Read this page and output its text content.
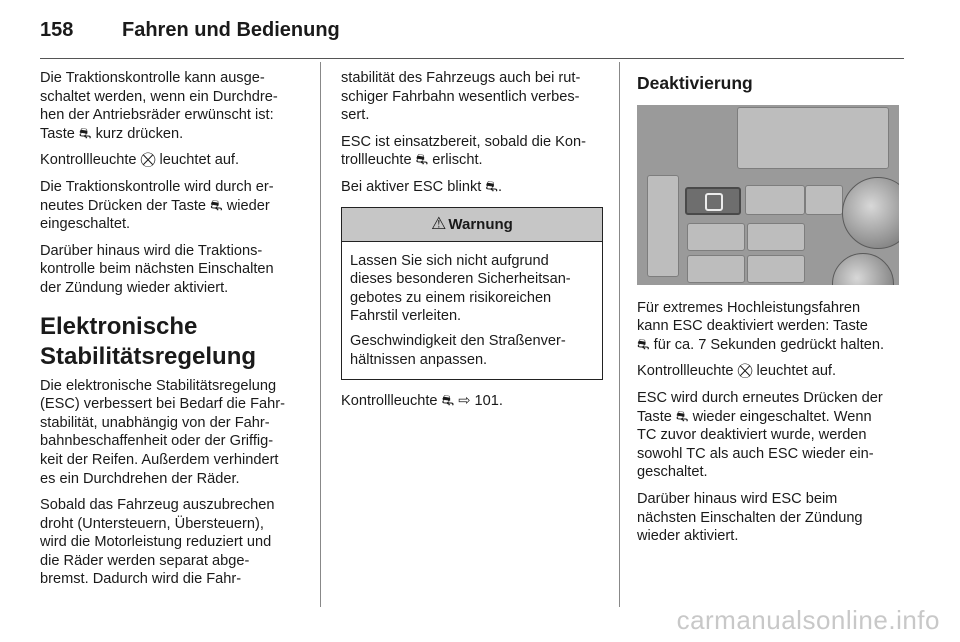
158	Fahren und Bedienung

Die Traktionskontrolle kann ausge-
schaltet werden, wenn ein Durchdre-
hen der Antriebsräder erwünscht ist:
Taste ⛐ kurz drücken.

Kontrollleuchte ⛒ leuchtet auf.

Die Traktionskontrolle wird durch er-
neutes Drücken der Taste ⛐ wieder
eingeschaltet.

Darüber hinaus wird die Traktions-
kontrolle beim nächsten Einschalten
der Zündung wieder aktiviert.

Elektronische
Stabilitätsregelung

Die elektronische Stabilitätsregelung
(ESC) verbessert bei Bedarf die Fahr-
stabilität, unabhängig von der Fahr-
bahnbeschaffenheit oder der Griffig-
keit der Reifen. Außerdem verhindert
es ein Durchdrehen der Räder.

Sobald das Fahrzeug auszubrechen
droht (Untersteuern, Übersteuern),
wird die Motorleistung reduziert und
die Räder werden separat abge-
bremst. Dadurch wird die Fahr-

stabilität des Fahrzeugs auch bei rut-
schiger Fahrbahn wesentlich verbes-
sert.

ESC ist einsatzbereit, sobald die Kon-
trollleuchte ⛐ erlischt.

Bei aktiver ESC blinkt ⛐.

⚠ Warnung

Lassen Sie sich nicht aufgrund
dieses besonderen Sicherheitsan-
gebotes zu einem risikoreichen
Fahrstil verleiten.

Geschwindigkeit den Straßenver-
hältnissen anpassen.

Kontrollleuchte ⛐ ⇨ 101.

Deaktivierung

Für extremes Hochleistungsfahren
kann ESC deaktiviert werden: Taste
⛐ für ca. 7 Sekunden gedrückt halten.

Kontrollleuchte ⛒ leuchtet auf.

ESC wird durch erneutes Drücken der
Taste ⛐ wieder eingeschaltet. Wenn
TC zuvor deaktiviert wurde, werden
sowohl TC als auch ESC wieder ein-
geschaltet.

Darüber hinaus wird ESC beim
nächsten Einschalten der Zündung
wieder aktiviert.

carmanualsonline.info
